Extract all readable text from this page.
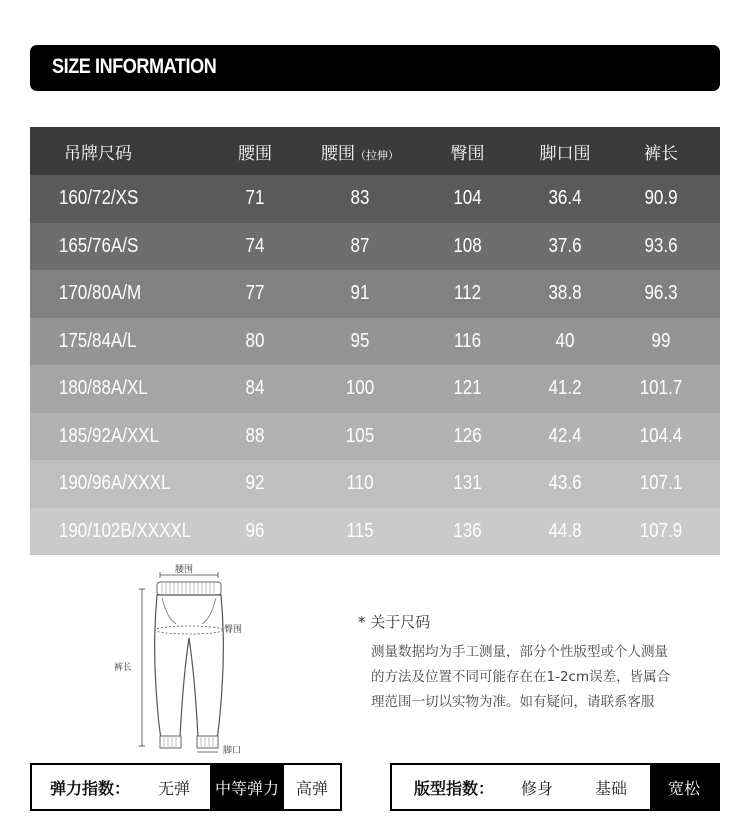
SIZE INFORMATION
吊牌尺码	腰围	腰围（拉伸）	臀围	脚口围	裤长
160/72/XS	71	83	104	36.4	90.9
165/76A/S	74	87	108	37.6	93.6
170/80A/M	77	91	112	38.8	96.3
175/84A/L	80	95	116	40	99
180/88A/XL	84	100	121	41.2	101.7
185/92A/XXL	88	105	126	42.4	104.4
190/96A/XXXL	92	110	131	43.6	107.1
190/102B/XXXXL	96	115	136	44.8	107.9
腰围
臀围
裤长
脚口
* 关于尺码
测量数据均为手工测量，部分个性版型或个人测量
的方法及位置不同可能存在在1-2cm误差，皆属合
理范围一切以实物为准。如有疑问，请联系客服
弹力指数：	无弹	中等弹力	高弹	版型指数：	修身	基础	宽松
